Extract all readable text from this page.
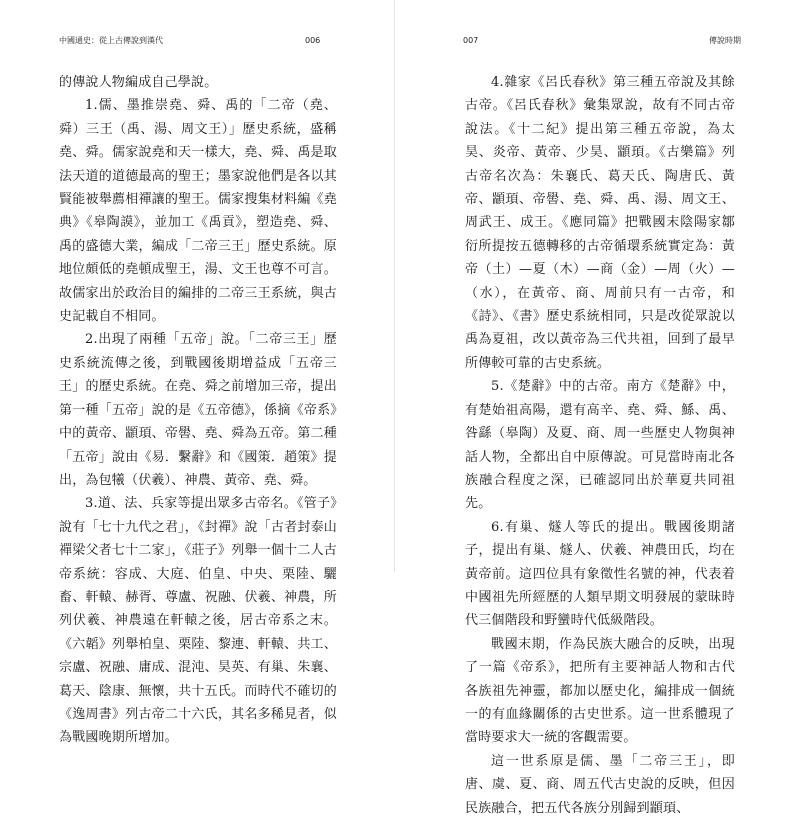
中國通史：從上古傳說到漢代	006

的傳說人物編成自己學說。

1.儒、墨推崇堯、舜、禹的「二帝（堯、舜）三王（禹、湯、周文王）」歷史系統，盛稱堯、舜。儒家說堯和天一樣大，堯、舜、禹是取法天道的道德最高的聖王；墨家說他們是各以其賢能被舉薦相禪讓的聖王。儒家搜集材料編《堯典》《皋陶謨》，並加工《禹貢》，塑造堯、舜、禹的盛德大業，編成「二帝三王」歷史系統。原地位頗低的堯頓成聖王，湯、文王也尊不可言。故儒家出於政治目的編排的二帝三王系統，與古史記載自不相同。

2.出現了兩種「五帝」說。「二帝三王」歷史系統流傳之後，到戰國後期增益成「五帝三王」的歷史系統。在堯、舜之前增加三帝，提出第一種「五帝」說的是《五帝德》，係摘《帝系》中的黃帝、顓頊、帝嚳、堯、舜為五帝。第二種「五帝」說由《易．繫辭》和《國策．趙策》提出，為包犧（伏羲）、神農、黃帝、堯、舜。

3.道、法、兵家等提出眾多古帝名。《管子》說有「七十九代之君」，《封禪》說「古者封泰山禪梁父者七十二家」，《莊子》列舉一個十二人古帝系統：容成、大庭、伯皇、中央、栗陸、驪畜、軒轅、赫胥、尊盧、祝融、伏羲、神農，所列伏羲、神農遠在軒轅之後，居古帝系之末。《六韜》列舉柏皇、栗陸、黎連、軒轅、共工、宗盧、祝融、庸成、混沌、昊英、有巢、朱襄、葛天、陰康、無懷，共十五氏。而時代不確切的《逸周書》列古帝二十六氏，其名多稀見者，似為戰國晚期所增加。

007	傳說時期

4.雜家《呂氏春秋》第三種五帝說及其餘古帝。《呂氏春秋》彙集眾說，故有不同古帝說法。《十二紀》提出第三種五帝說，為太昊、炎帝、黃帝、少昊、顓頊。《古樂篇》列古帝名次為：朱襄氏、葛天氏、陶唐氏、黃帝、顓頊、帝嚳、堯、舜、禹、湯、周文王、周武王、成王。《應同篇》把戰國末陰陽家鄒衍所提按五德轉移的古帝循環系統實定為：黃帝（土）—夏（木）—商（金）—周（火）—（水），在黃帝、商、周前只有一古帝，和《詩》、《書》歷史系統相同，只是改從眾說以禹為夏祖，改以黃帝為三代共祖，回到了最早所傳較可靠的古史系統。

5.《楚辭》中的古帝。南方《楚辭》中，有楚始祖高陽，還有高辛、堯、舜、鯀、禹、咎繇（皋陶）及夏、商、周一些歷史人物與神話人物，全都出自中原傳說。可見當時南北各族融合程度之深，已確認同出於華夏共同祖先。

6.有巢、燧人等氏的提出。戰國後期諸子，提出有巢、燧人、伏羲、神農田氏，均在黃帝前。這四位具有象徵性名號的神，代表着中國祖先所經歷的人類早期文明發展的蒙昧時代三個階段和野蠻時代低級階段。

戰國末期，作為民族大融合的反映，出現了一篇《帝系》，把所有主要神話人物和古代各族祖先神靈，都加以歷史化，編排成一個統一的有血緣關係的古史世系。這一世系體現了當時要求大一統的客觀需要。

這一世系原是儒、墨「二帝三王」，即唐、虞、夏、商、周五代古史說的反映，但因民族融合，把五代各族分別歸到顓頊、
